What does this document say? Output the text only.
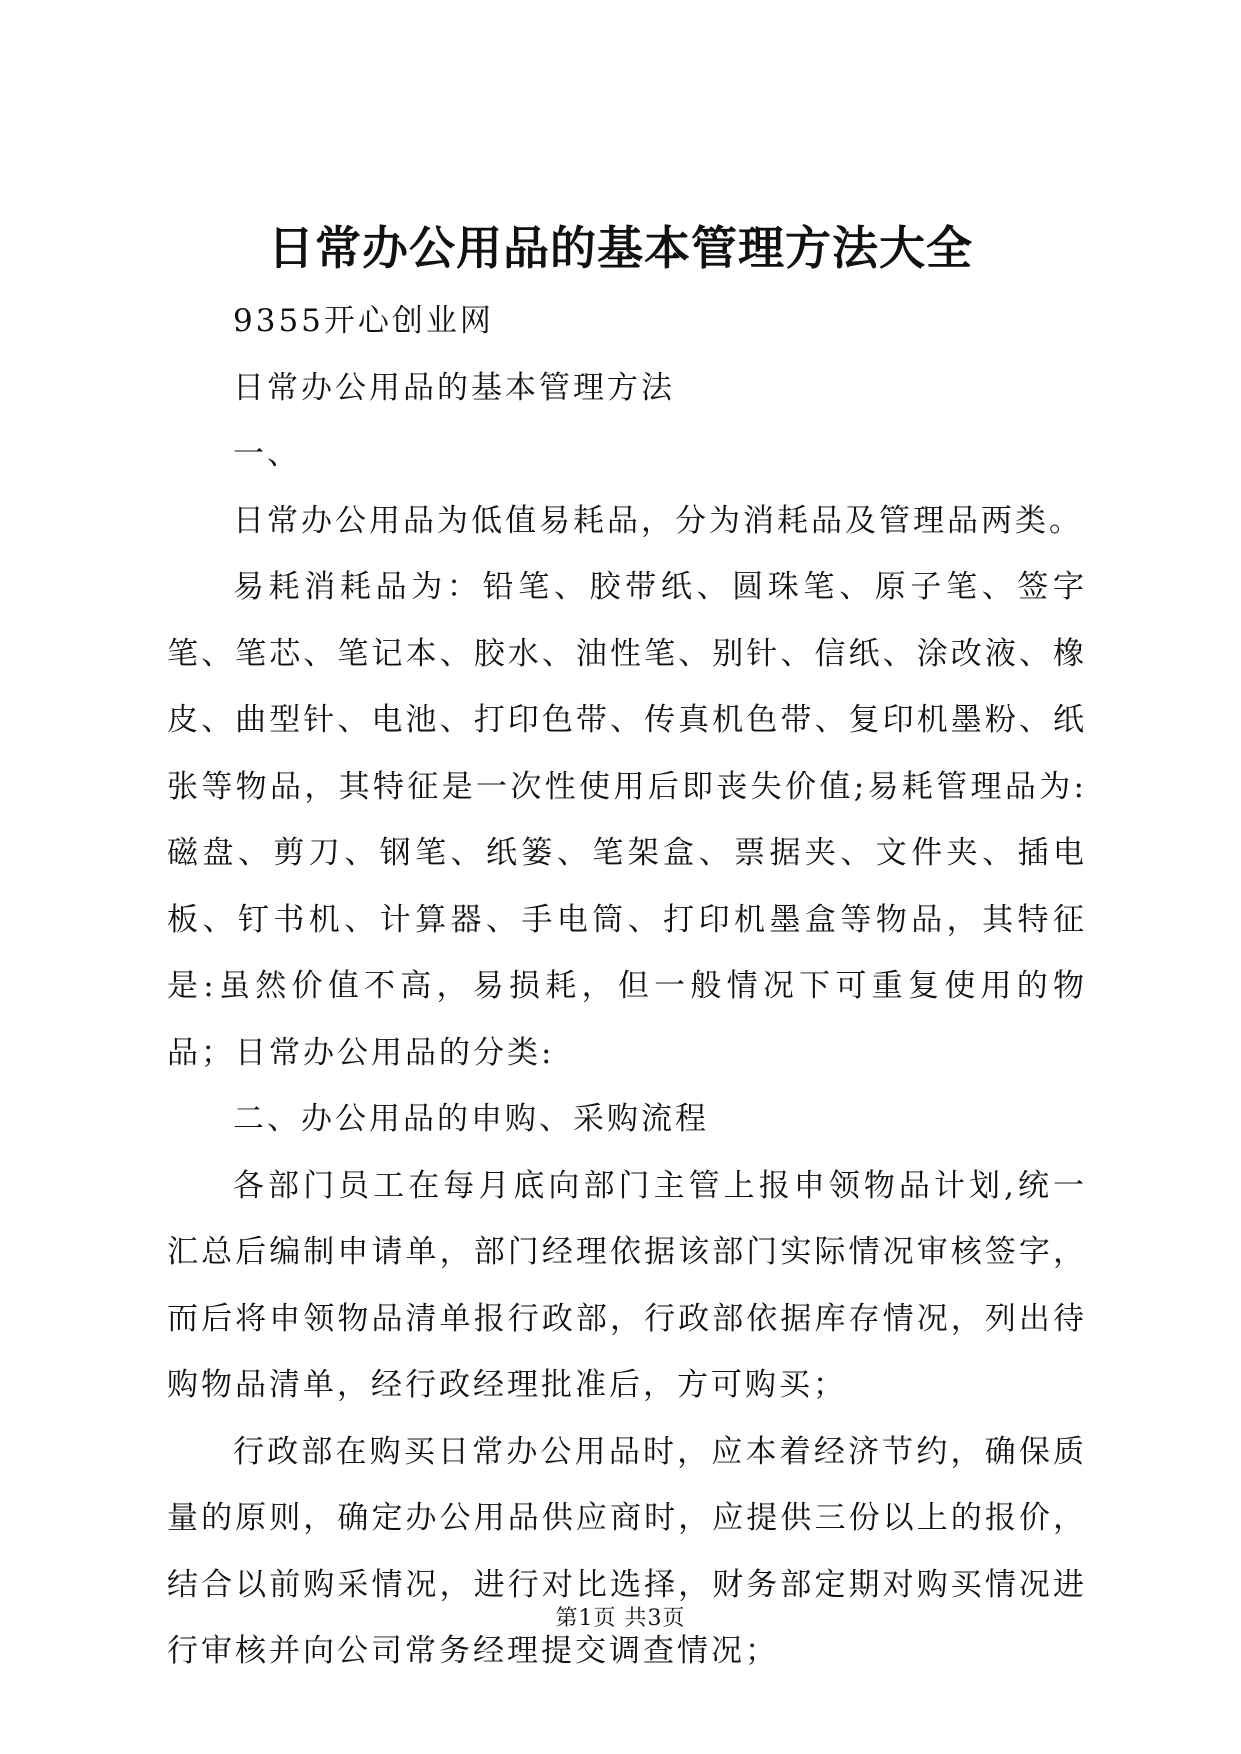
日常办公用品的基本管理方法大全

9355开心创业网

日常办公用品的基本管理方法

一、

日常办公用品为低值易耗品，分为消耗品及管理品两类。

易耗消耗品为：铅笔、胶带纸、圆珠笔、原子笔、签字笔、笔芯、笔记本、胶水、油性笔、别针、信纸、涂改液、橡皮、曲型针、电池、打印色带、传真机色带、复印机墨粉、纸张等物品，其特征是一次性使用后即丧失价值;易耗管理品为:磁盘、剪刀、钢笔、纸篓、笔架盒、票据夹、文件夹、插电板、钉书机、计算器、手电筒、打印机墨盒等物品，其特征是:虽然价值不高，易损耗，但一般情况下可重复使用的物品；日常办公用品的分类:

二、办公用品的申购、采购流程

各部门员工在每月底向部门主管上报申领物品计划,统一汇总后编制申请单，部门经理依据该部门实际情况审核签字，而后将申领物品清单报行政部，行政部依据库存情况，列出待购物品清单，经行政经理批准后，方可购买；

行政部在购买日常办公用品时，应本着经济节约，确保质量的原则，确定办公用品供应商时，应提供三份以上的报价，结合以前购采情况，进行对比选择，财务部定期对购买情况进行审核并向公司常务经理提交调查情况；

第1页 共3页
